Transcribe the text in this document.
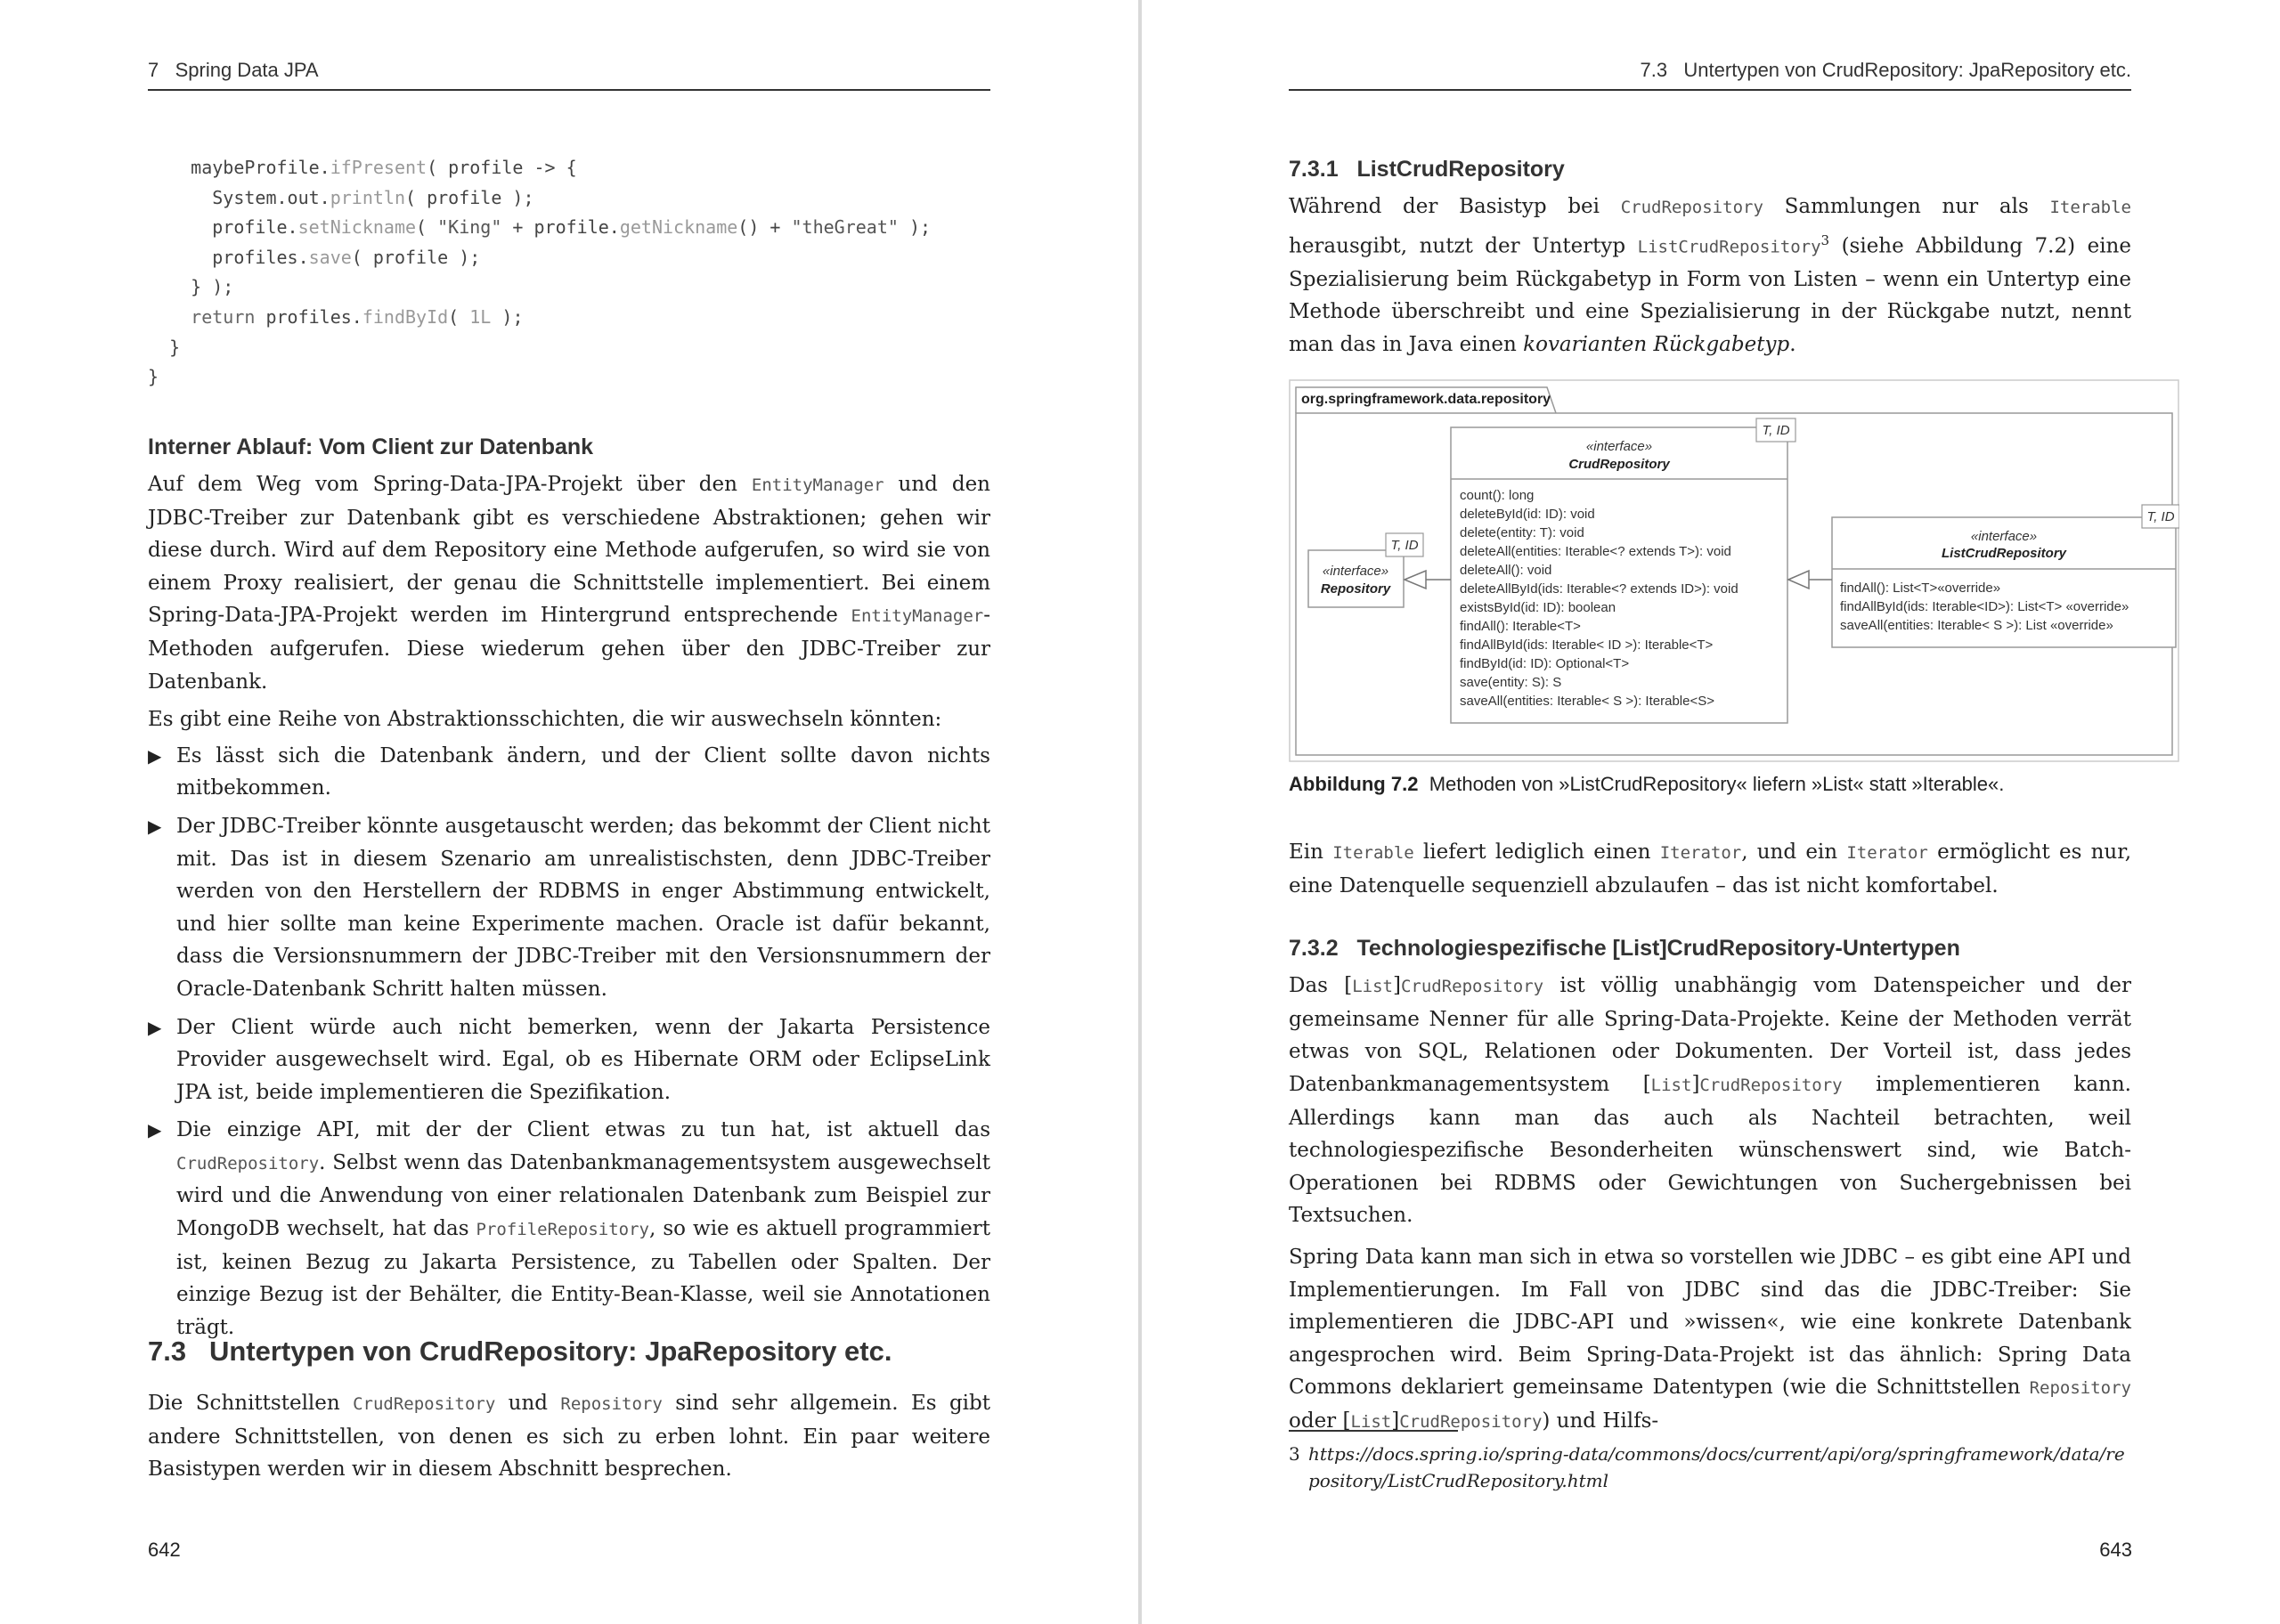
7 Spring Data JPA
maybeProfile.ifPresent( profile -> {
System.out.println( profile );
profile.setNickname( "King" + profile.getNickname() + "theGreat" );
profiles.save( profile );
} );
return profiles.findById( 1L );
}
}
Interner Ablauf: Vom Client zur Datenbank

Auf dem Weg vom Spring-Data-JPA-Projekt über den EntityManager und den JDBC-Treiber zur Datenbank gibt es verschiedene Abstraktionen; gehen wir diese durch. Wird auf dem Repository eine Methode aufgerufen, so wird sie von einem Proxy realisiert, der genau die Schnittstelle implementiert. Bei einem Spring-Data-JPA-Projekt werden im Hintergrund entsprechende EntityManager-Methoden aufgerufen. Diese wiederum gehen über den JDBC-Treiber zur Datenbank.

Es gibt eine Reihe von Abstraktionsschichten, die wir auswechseln könnten:

▶ Es lässt sich die Datenbank ändern, und der Client sollte davon nichts mitbekommen.

▶ Der JDBC-Treiber könnte ausgetauscht werden; das bekommt der Client nicht mit. Das ist in diesem Szenario am unrealistischsten, denn JDBC-Treiber werden von den Herstellern der RDBMS in enger Abstimmung entwickelt, und hier sollte man keine Experimente machen. Oracle ist dafür bekannt, dass die Versionsnummern der JDBC-Treiber mit den Versionsnummern der Oracle-Datenbank Schritt halten müssen.

▶ Der Client würde auch nicht bemerken, wenn der Jakarta Persistence Provider ausgewechselt wird. Egal, ob es Hibernate ORM oder EclipseLink JPA ist, beide implementieren die Spezifikation.

▶ Die einzige API, mit der der Client etwas zu tun hat, ist aktuell das CrudRepository. Selbst wenn das Datenbankmanagementsystem ausgewechselt wird und die Anwendung von einer relationalen Datenbank zum Beispiel zur MongoDB wechselt, hat das ProfileRepository, so wie es aktuell programmiert ist, keinen Bezug zu Jakarta Persistence, zu Tabellen oder Spalten. Der einzige Bezug ist der Behälter, die Entity-Bean-Klasse, weil sie Annotationen trägt.

7.3 Untertypen von CrudRepository: JpaRepository etc.

Die Schnittstellen CrudRepository und Repository sind sehr allgemein. Es gibt andere Schnittstellen, von denen es sich zu erben lohnt. Ein paar weitere Basistypen werden wir in diesem Abschnitt besprechen.

642
7.3 Untertypen von CrudRepository: JpaRepository etc.
7.3.1 ListCrudRepository

Während der Basistyp bei CrudRepository Sammlungen nur als Iterable herausgibt, nutzt der Untertyp ListCrudRepository$^3$ (siehe Abbildung 7.2) eine Spezialisierung beim Rückgabetyp in Form von Listen – wenn ein Untertyp eine Methode überschreibt und eine Spezialisierung in der Rückgabe nutzt, nennt man das in Java einen kovarianten Rückgabetyp.

org.springframework.data.repository
T, ID
«interface»
Repository
T, ID
«interface»
CrudRepository
count(): long
deleteById(id: ID): void
delete(entity: T): void
deleteAll(entities: Iterable<? extends T>): void
deleteAll(): void
deleteAllById(ids: Iterable<? extends ID>): void
existsById(id: ID): boolean
findAll(): Iterable<T>
findAllById(ids: Iterable< ID >): Iterable<T>
findById(id: ID): Optional<T>
save(entity: S): S
saveAll(entities: Iterable< S >): Iterable<S>
T, ID
«interface»
ListCrudRepository
findAll(): List<T>«override»
findAllById(ids: Iterable<ID>): List<T> «override»
saveAll(entities: Iterable< S >): List «override»
Abbildung 7.2 Methoden von »ListCrudRepository« liefern »List« statt »Iterable«.

Ein Iterable liefert lediglich einen Iterator, und ein Iterator ermöglicht es nur, eine Datenquelle sequenziell abzulaufen – das ist nicht komfortabel.

7.3.2 Technologiespezifische [List]CrudRepository-Untertypen

Das [List]CrudRepository ist völlig unabhängig vom Datenspeicher und der gemeinsame Nenner für alle Spring-Data-Projekte. Keine der Methoden verrät etwas von SQL, Relationen oder Dokumenten. Der Vorteil ist, dass jedes Datenbankmanagementsystem [List]CrudRepository implementieren kann. Allerdings kann man das auch als Nachteil betrachten, weil technologiespezifische Besonderheiten wünschenswert sind, wie Batch-Operationen bei RDBMS oder Gewichtungen von Suchergebnissen bei Textsuchen.

Spring Data kann man sich in etwa so vorstellen wie JDBC – es gibt eine API und Implementierungen. Im Fall von JDBC sind das die JDBC-Treiber: Sie implementieren die JDBC-API und »wissen«, wie eine konkrete Datenbank angesprochen wird. Beim Spring-Data-Projekt ist das ähnlich: Spring Data Commons deklariert gemeinsame Datentypen (wie die Schnittstellen Repository oder [List]CrudRepository) und Hilfs-

3 https://docs.spring.io/spring-data/commons/docs/current/api/org/springframework/data/repository/ListCrudRepository.html
643
